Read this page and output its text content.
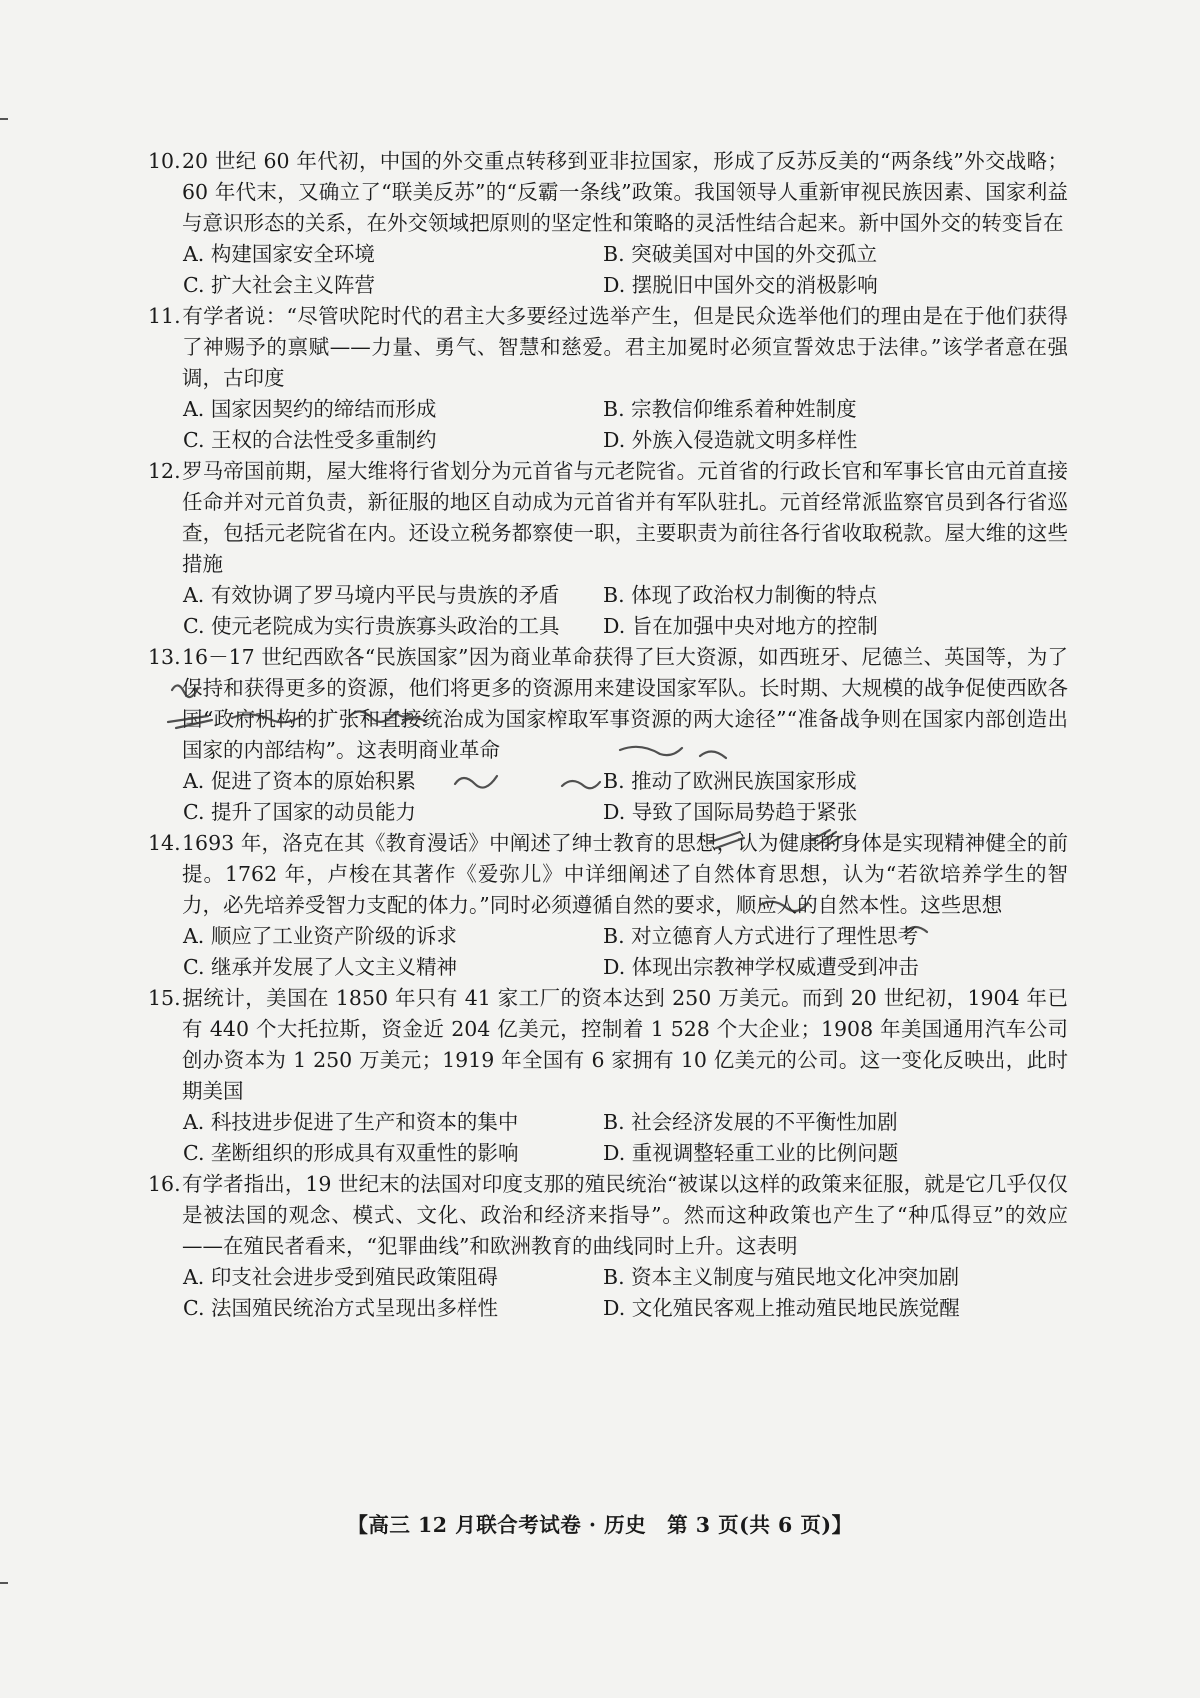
10.20 世纪 60 年代初，中国的外交重点转移到亚非拉国家，形成了反苏反美的“两条线”外交战略；60 年代末，又确立了“联美反苏”的“反霸一条线”政策。我国领导人重新审视民族因素、国家利益与意识形态的关系，在外交领域把原则的坚定性和策略的灵活性结合起来。新中国外交的转变旨在

A. 构建国家安全环境	B. 突破美国对中国的外交孤立
C. 扩大社会主义阵营	D. 摆脱旧中国外交的消极影响

11.有学者说：“尽管吠陀时代的君主大多要经过选举产生，但是民众选举他们的理由是在于他们获得了神赐予的禀赋——力量、勇气、智慧和慈爱。君主加冕时必须宣誓效忠于法律。”该学者意在强调，古印度

A. 国家因契约的缔结而形成	B. 宗教信仰维系着种姓制度
C. 王权的合法性受多重制约	D. 外族入侵造就文明多样性

12.罗马帝国前期，屋大维将行省划分为元首省与元老院省。元首省的行政长官和军事长官由元首直接任命并对元首负责，新征服的地区自动成为元首省并有军队驻扎。元首经常派监察官员到各行省巡查，包括元老院省在内。还设立税务都察使一职，主要职责为前往各行省收取税款。屋大维的这些措施

A. 有效协调了罗马境内平民与贵族的矛盾	B. 体现了政治权力制衡的特点
C. 使元老院成为实行贵族寡头政治的工具	D. 旨在加强中央对地方的控制

13.16－17 世纪西欧各“民族国家”因为商业革命获得了巨大资源，如西班牙、尼德兰、英国等，为了保持和获得更多的资源，他们将更多的资源用来建设国家军队。长时期、大规模的战争促使西欧各国“政府机构的扩张和直接统治成为国家榨取军事资源的两大途径”“准备战争则在国家内部创造出国家的内部结构”。这表明商业革命

A. 促进了资本的原始积累	B. 推动了欧洲民族国家形成
C. 提升了国家的动员能力	D. 导致了国际局势趋于紧张

14.1693 年，洛克在其《教育漫话》中阐述了绅士教育的思想，认为健康的身体是实现精神健全的前提。1762 年，卢梭在其著作《爱弥儿》中详细阐述了自然体育思想，认为“若欲培养学生的智力，必先培养受智力支配的体力。”同时必须遵循自然的要求，顺应人的自然本性。这些思想

A. 顺应了工业资产阶级的诉求	B. 对立德育人方式进行了理性思考
C. 继承并发展了人文主义精神	D. 体现出宗教神学权威遭受到冲击

15.据统计，美国在 1850 年只有 41 家工厂的资本达到 250 万美元。而到 20 世纪初，1904 年已有 440 个大托拉斯，资金近 204 亿美元，控制着 1 528 个大企业；1908 年美国通用汽车公司创办资本为 1 250 万美元；1919 年全国有 6 家拥有 10 亿美元的公司。这一变化反映出，此时期美国

A. 科技进步促进了生产和资本的集中	B. 社会经济发展的不平衡性加剧
C. 垄断组织的形成具有双重性的影响	D. 重视调整轻重工业的比例问题

16.有学者指出，19 世纪末的法国对印度支那的殖民统治“被谋以这样的政策来征服，就是它几乎仅仅是被法国的观念、模式、文化、政治和经济来指导”。然而这种政策也产生了“种瓜得豆”的效应——在殖民者看来，“犯罪曲线”和欧洲教育的曲线同时上升。这表明

A. 印支社会进步受到殖民政策阻碍	B. 资本主义制度与殖民地文化冲突加剧
C. 法国殖民统治方式呈现出多样性	D. 文化殖民客观上推动殖民地民族觉醒
【高三 12 月联合考试卷 · 历史　第 3 页(共 6 页)】
